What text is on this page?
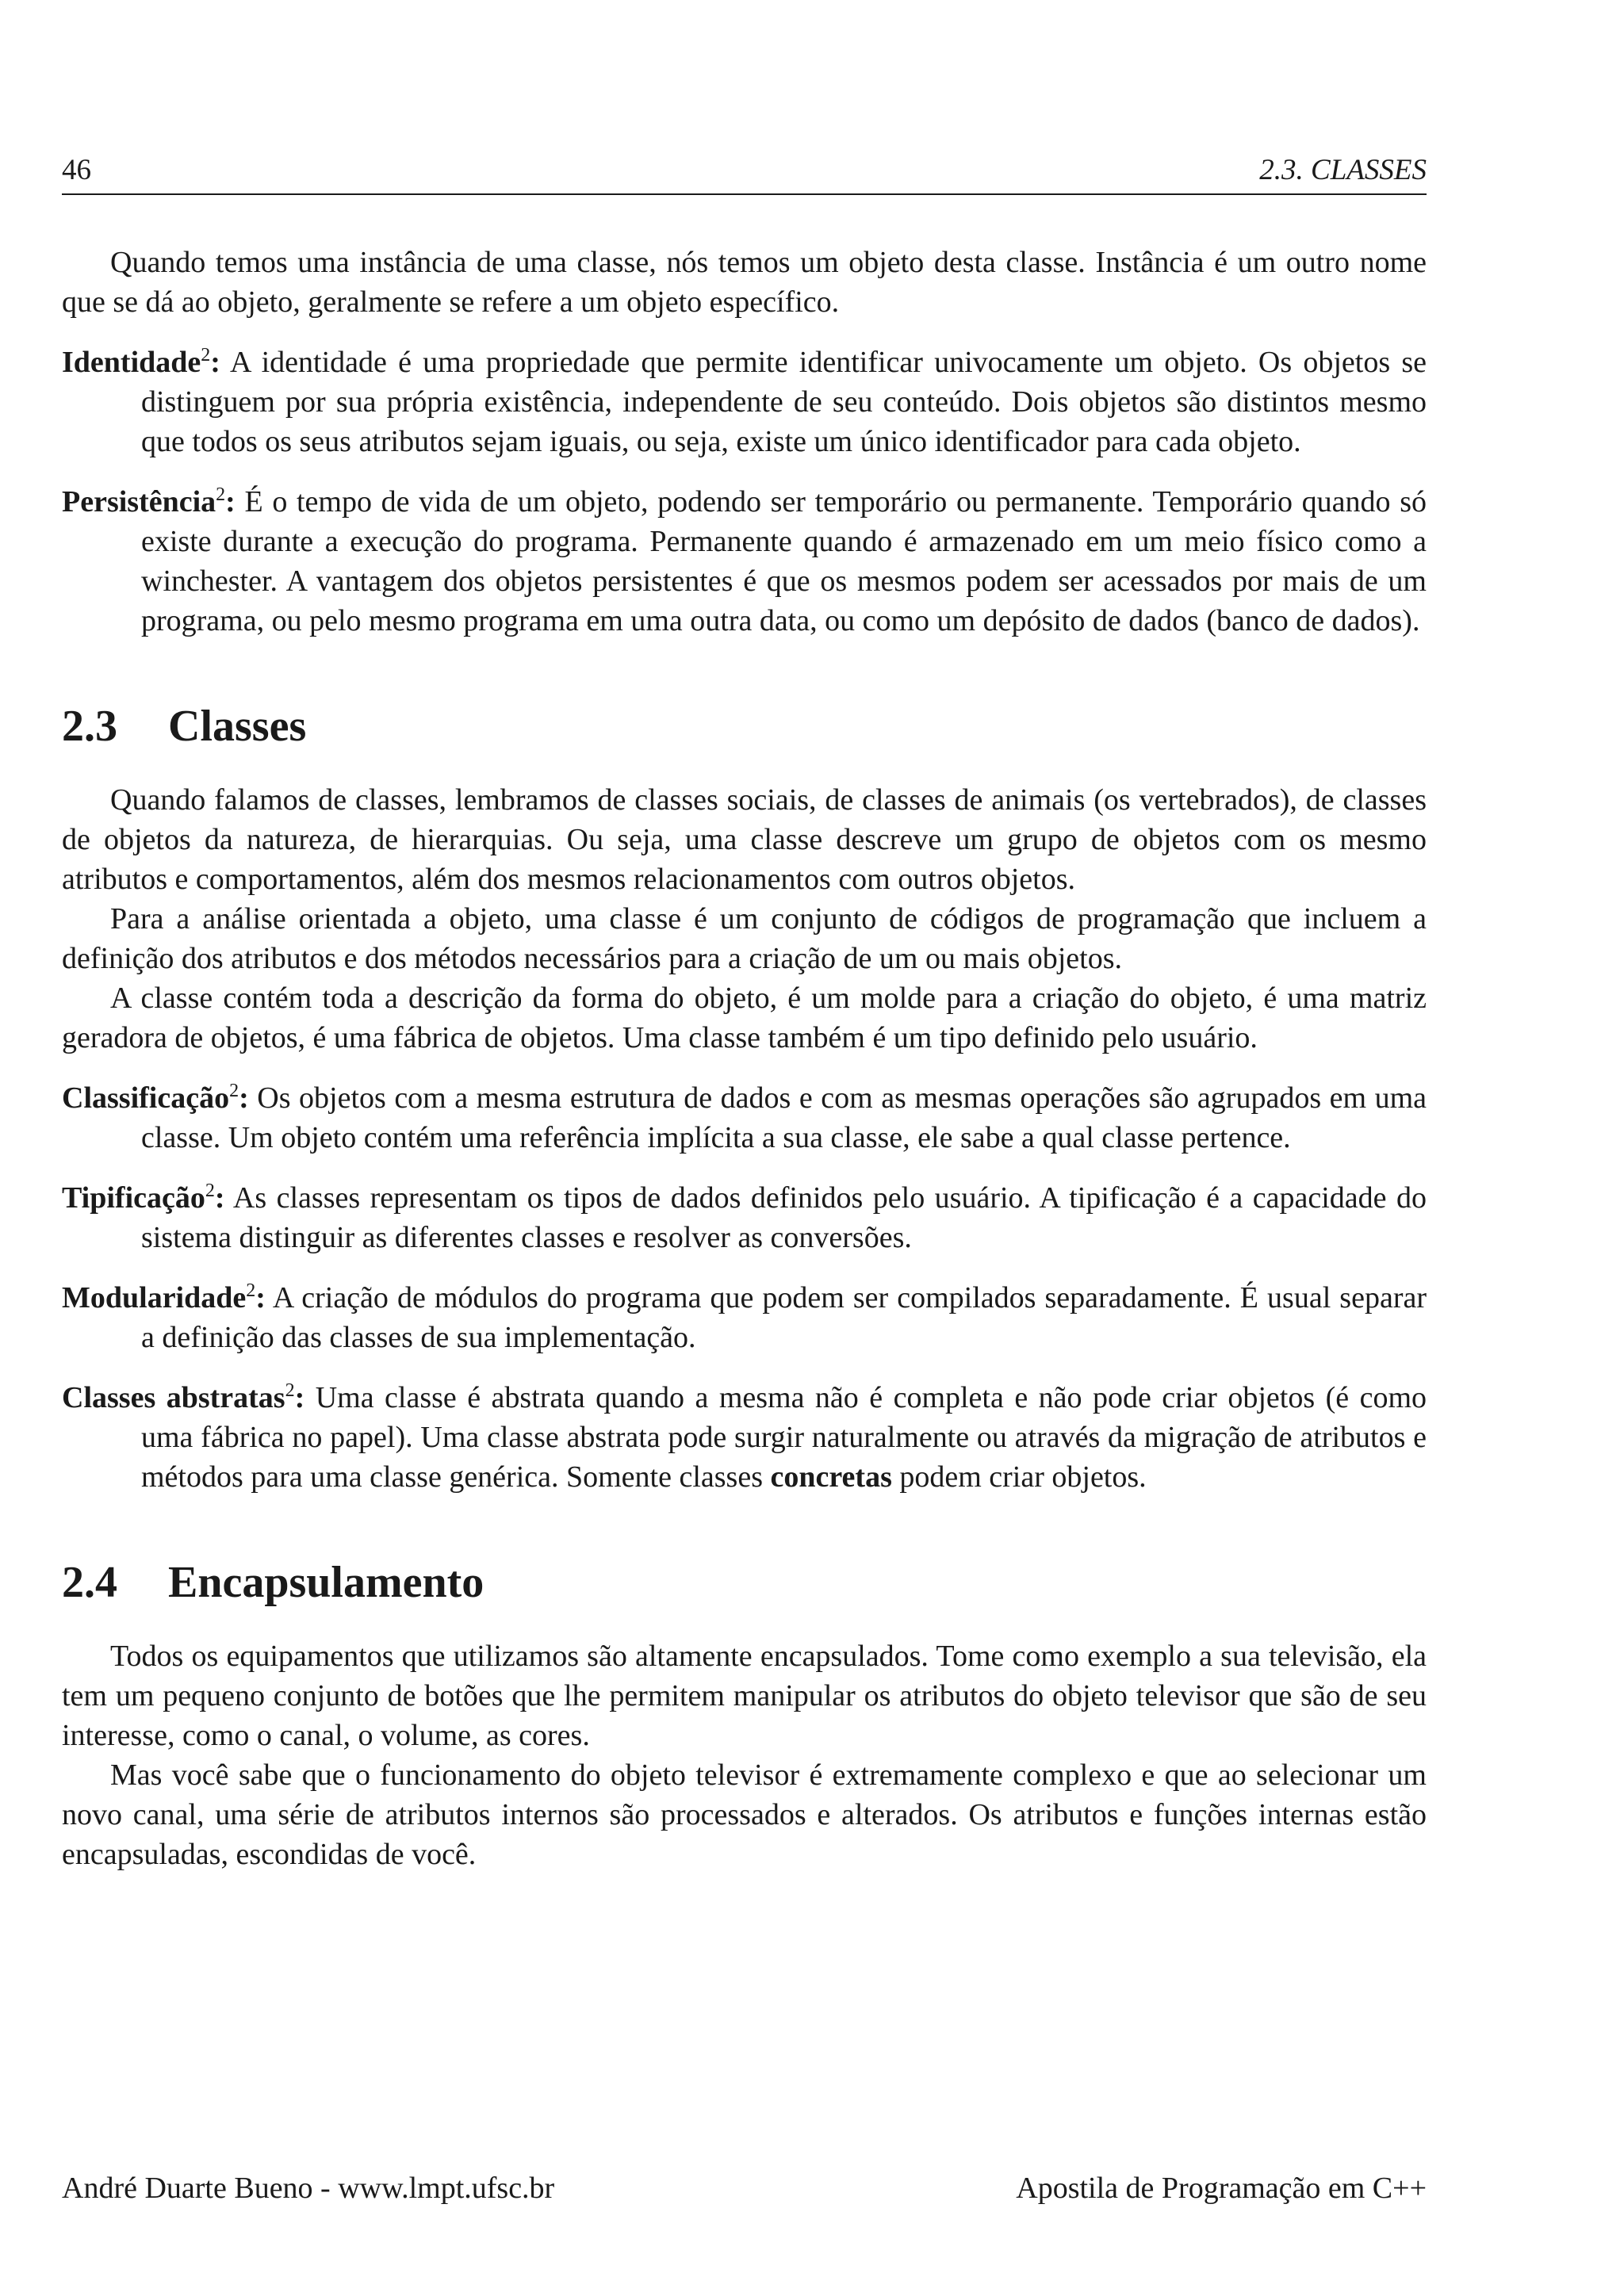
46	2.3. CLASSES

Quando temos uma instância de uma classe, nós temos um objeto desta classe. Instância é um outro nome que se dá ao objeto, geralmente se refere a um objeto específico.

Identidade$^2$: A identidade é uma propriedade que permite identificar univocamente um objeto. Os objetos se distinguem por sua própria existência, independente de seu conteúdo. Dois objetos são distintos mesmo que todos os seus atributos sejam iguais, ou seja, existe um único identificador para cada objeto.

Persistência$^2$: É o tempo de vida de um objeto, podendo ser temporário ou permanente. Temporário quando só existe durante a execução do programa. Permanente quando é armazenado em um meio físico como a winchester. A vantagem dos objetos persistentes é que os mesmos podem ser acessados por mais de um programa, ou pelo mesmo programa em uma outra data, ou como um depósito de dados (banco de dados).

2.3 Classes

Quando falamos de classes, lembramos de classes sociais, de classes de animais (os vertebrados), de classes de objetos da natureza, de hierarquias. Ou seja, uma classe descreve um grupo de objetos com os mesmo atributos e comportamentos, além dos mesmos relacionamentos com outros objetos.

Para a análise orientada a objeto, uma classe é um conjunto de códigos de programação que incluem a definição dos atributos e dos métodos necessários para a criação de um ou mais objetos.

A classe contém toda a descrição da forma do objeto, é um molde para a criação do objeto, é uma matriz geradora de objetos, é uma fábrica de objetos. Uma classe também é um tipo definido pelo usuário.

Classificação$^2$: Os objetos com a mesma estrutura de dados e com as mesmas operações são agrupados em uma classe. Um objeto contém uma referência implícita a sua classe, ele sabe a qual classe pertence.

Tipificação$^2$: As classes representam os tipos de dados definidos pelo usuário. A tipificação é a capacidade do sistema distinguir as diferentes classes e resolver as conversões.

Modularidade$^2$: A criação de módulos do programa que podem ser compilados separadamente. É usual separar a definição das classes de sua implementação.

Classes abstratas$^2$: Uma classe é abstrata quando a mesma não é completa e não pode criar objetos (é como uma fábrica no papel). Uma classe abstrata pode surgir naturalmente ou através da migração de atributos e métodos para uma classe genérica. Somente classes concretas podem criar objetos.

2.4 Encapsulamento

Todos os equipamentos que utilizamos são altamente encapsulados. Tome como exemplo a sua televisão, ela tem um pequeno conjunto de botões que lhe permitem manipular os atributos do objeto televisor que são de seu interesse, como o canal, o volume, as cores.

Mas você sabe que o funcionamento do objeto televisor é extremamente complexo e que ao selecionar um novo canal, uma série de atributos internos são processados e alterados. Os atributos e funções internas estão encapsuladas, escondidas de você.

André Duarte Bueno - www.lmpt.ufsc.br	Apostila de Programação em C++
